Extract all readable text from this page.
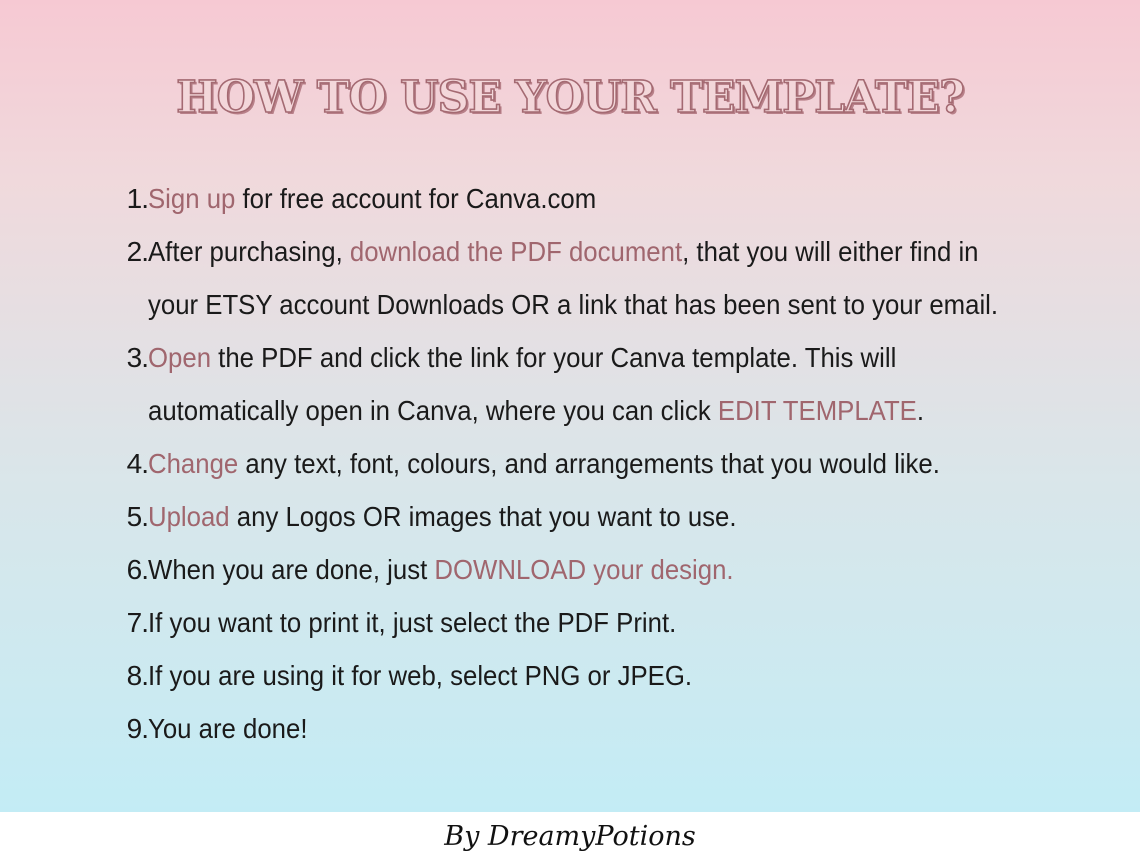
HOW TO USE YOUR TEMPLATE?
1. Sign up for free account for Canva.com
2. After purchasing, download the PDF document, that you will either find in
your ETSY account Downloads OR a link that has been sent to your email.
3. Open the PDF and click the link for your Canva template. This will
automatically open in Canva, where you can click EDIT TEMPLATE.
4. Change any text, font, colours, and arrangements that you would like.
5. Upload any Logos OR images that you want to use.
6. When you are done, just DOWNLOAD your design.
7. If you want to print it, just select the PDF Print.
8. If you are using it for web, select PNG or JPEG.
9. You are done!
By DreamyPotions
